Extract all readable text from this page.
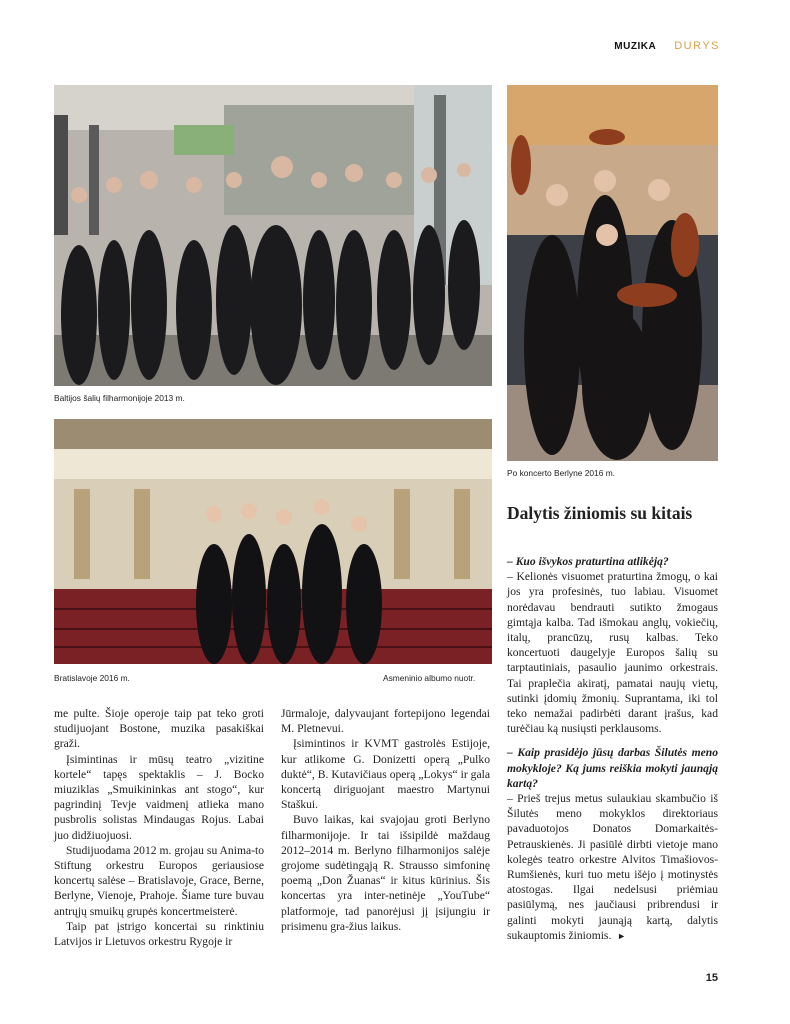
MUZIKA DURYS
Baltijos šalių filharmonijoje 2013 m.
Po koncerto Berlyne 2016 m.
Bratislavoje 2016 m.	Asmeninio albumo nuotr.
Dalytis žiniomis su kitais

me pulte. Šioje operoje taip pat teko groti studijuojant Bostone, muzika pasakiškai graži.

Įsimintinas ir mūsų teatro „vizitine kortele“ tapęs spektaklis – J. Bocko miuziklas „Smuikininkas ant stogo“, kur pagrindinį Tevje vaidmenį atlieka mano pusbrolis solistas Mindaugas Rojus. Labai juo didžiuojuosi.

Studijuodama 2012 m. grojau su Anima-to Stiftung orkestru Europos geriausiose koncertų salėse – Bratislavoje, Grace, Berne, Berlyne, Vienoje, Prahoje. Šiame ture buvau antrųjų smuikų grupės koncertmeisterė.

Taip pat įstrigo koncertai su rinktiniu Latvijos ir Lietuvos orkestru Rygoje ir

Jūrmaloje, dalyvaujant fortepijono legendai M. Pletnevui.

Įsimintinos ir KVMT gastrolės Estijoje, kur atlikome G. Donizetti operą „Pulko duktė“, B. Kutavičiaus operą „Lokys“ ir gala koncertą diriguojant maestro Martynui Staškui.

Buvo laikas, kai svajojau groti Berlyno filharmonijoje. Ir tai išsipildė maždaug 2012–2014 m. Berlyno filharmonijos salėje grojome sudėtingąją R. Strausso simfoninę poemą „Don Žuanas“ ir kitus kūrinius. Šis koncertas yra inter-netinėje „YouTube“ platformoje, tad panorėjusi jį įsijungiu ir prisimenu gra-žius laikus.

– Kuo išvykos praturtina atlikėją?

– Kelionės visuomet praturtina žmogų, o kai jos yra profesinės, tuo labiau. Visuomet norėdavau bendrauti sutikto žmogaus gimtąja kalba. Tad išmokau anglų, vokiečių, italų, prancūzų, rusų kalbas. Teko koncertuoti daugelyje Europos šalių su tarptautiniais, pasaulio jaunimo orkestrais. Tai praplečia akiratį, pamatai naujų vietų, sutinki įdomių žmonių. Suprantama, iki tol teko nemažai padirbėti darant įrašus, kad turėčiau ką nusiųsti perklausoms.

– Kaip prasidėjo jūsų darbas Šilutės meno mokykloje? Ką jums reiškia mokyti jaunąją kartą?

– Prieš trejus metus sulaukiau skambučio iš Šilutės meno mokyklos direktoriaus pavaduotojos Donatos Domarkaitės-Petrauskienės. Ji pasiūlė dirbti vietoje mano kolegės teatro orkestre Alvitos Timašiovos-Rumšienės, kuri tuo metu išėjo į motinystės atostogas. Ilgai nedelsusi priėmiau pasiūlymą, nes jaučiausi pribrendusi ir galinti mokyti jaunąją kartą, dalytis sukauptomis žiniomis. ►

15
